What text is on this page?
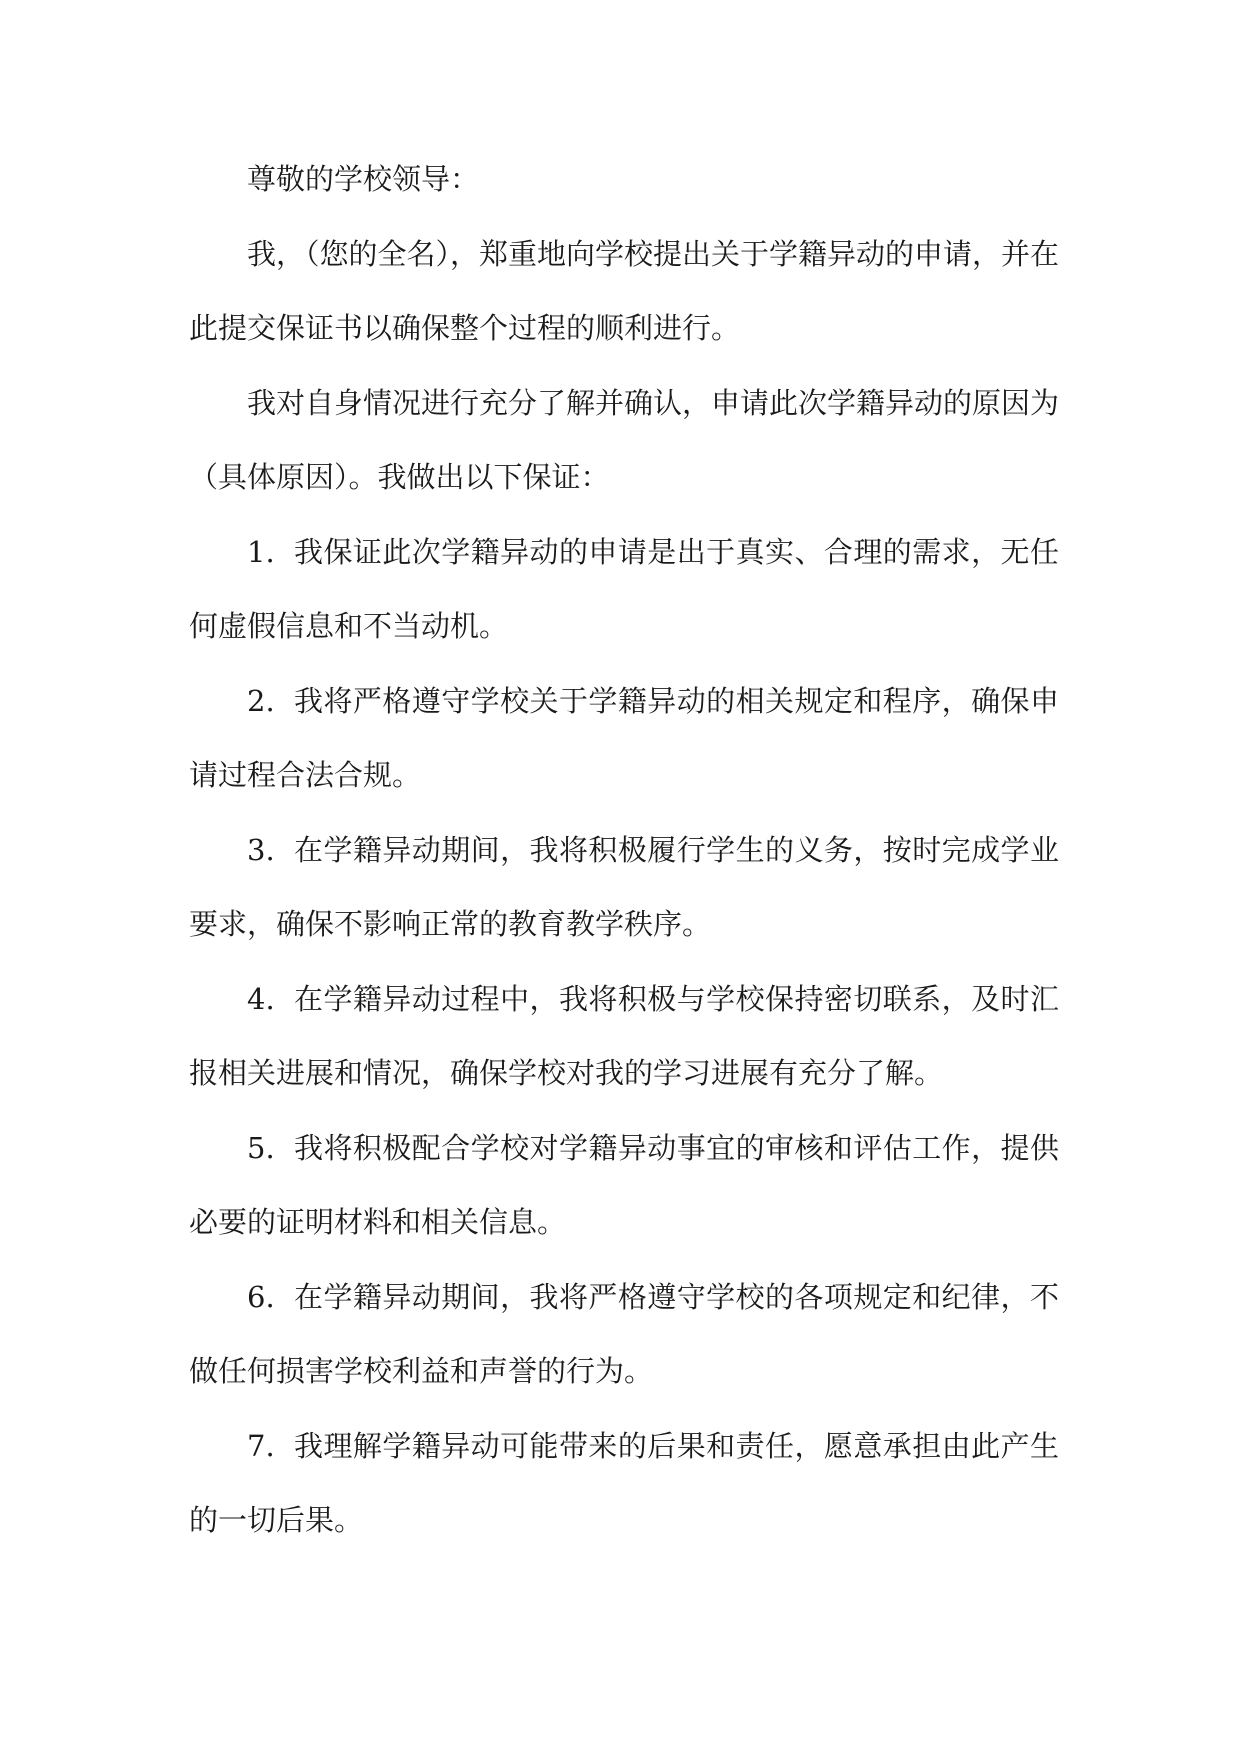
尊敬的学校领导：

我，（您的全名），郑重地向学校提出关于学籍异动的申请，并在此提交保证书以确保整个过程的顺利进行。

我对自身情况进行充分了解并确认，申请此次学籍异动的原因为（具体原因）。我做出以下保证：

1. 我保证此次学籍异动的申请是出于真实、合理的需求，无任何虚假信息和不当动机。

2. 我将严格遵守学校关于学籍异动的相关规定和程序，确保申请过程合法合规。

3. 在学籍异动期间，我将积极履行学生的义务，按时完成学业要求，确保不影响正常的教育教学秩序。

4. 在学籍异动过程中，我将积极与学校保持密切联系，及时汇报相关进展和情况，确保学校对我的学习进展有充分了解。

5. 我将积极配合学校对学籍异动事宜的审核和评估工作，提供必要的证明材料和相关信息。

6. 在学籍异动期间，我将严格遵守学校的各项规定和纪律，不做任何损害学校利益和声誉的行为。

7. 我理解学籍异动可能带来的后果和责任，愿意承担由此产生的一切后果。
